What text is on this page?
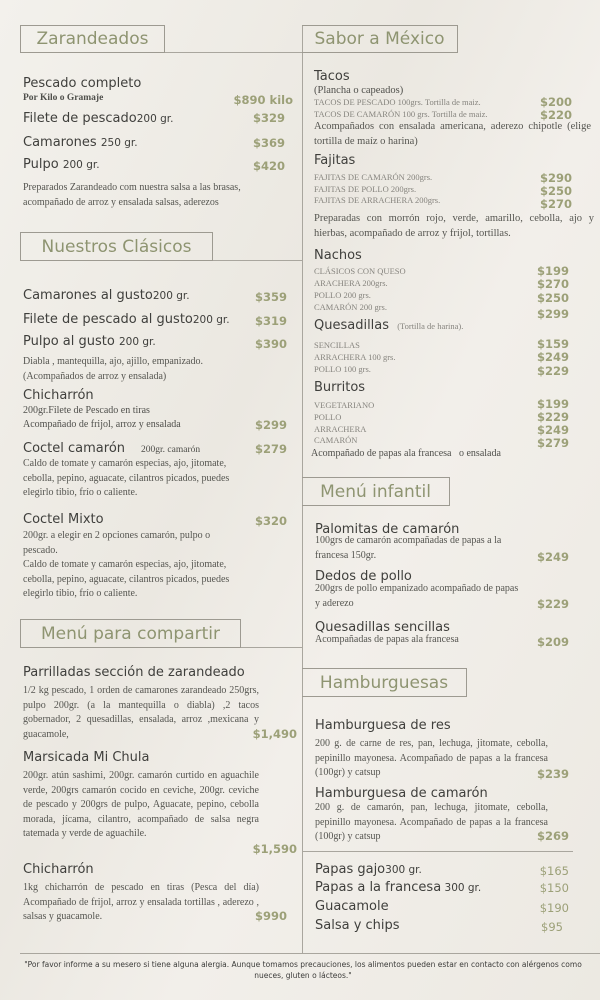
Zarandeados
Pescado completo
Por Kilo o Gramaje	$890 kilo
Filete de pescado200 gr.	$329
Camarones 250 gr.	$369
Pulpo 200 gr.	$420
Preparados Zarandeado com nuestra salsa a las brasas, acompañado de arroz y ensalada salsas, aderezos
Nuestros Clásicos
Camarones al gusto200 gr.	$359
Filete de pescado al gusto200 gr. $319
Pulpo al gusto 200 gr.	$390
Diabla , mantequilla, ajo, ajillo, empanizado. (Acompañados de arroz y ensalada)
Chicharrón
200gr.Filete de Pescado en tiras
Acompañado de frijol, arroz y ensalada	$299
Coctel camarón 200gr. camarón	$279
Caldo de tomate y camarón especias, ajo, jitomate, cebolla, pepino, aguacate, cilantros picados, puedes elegirlo tibio, frío o caliente.
Coctel Mixto	$320
200gr. a elegir en 2 opciones camarón, pulpo o pescado.
Caldo de tomate y camarón especias, ajo, jitomate, cebolla, pepino, aguacate, cilantros picados, puedes elegirlo tibio, frío o caliente.
Menú para compartir
Parrilladas sección de zarandeado
1/2 kg pescado, 1 orden de camarones zarandeado 250grs, pulpo 200gr. (a la mantequilla o diabla) ,2 tacos gobernador, 2 quesadillas, ensalada, arroz ,mexicana y guacamole,	$1,490
Marsicada Mi Chula
200gr. atún sashimi, 200gr. camarón curtido en aguachile verde, 200grs camarón cocido en ceviche, 200gr. ceviche de pescado y 200grs de pulpo, Aguacate, pepino, cebolla morada, jícama, cilantro, acompañado de salsa negra tatemada y verde de aguachile.
$1,590
Chicharrón
1kg chicharrón de pescado en tiras (Pesca del día) Acompañado de frijol, arroz y ensalada tortillas , aderezo , salsas y guacamole.	$990
Sabor a México
Tacos
(Plancha o capeados)
TACOS DE PESCADO 100grs. Tortilla de maiz.	$200
TACOS DE CAMARÓN 100 grs. Tortilla de maiz.	$220
Acompañados con ensalada americana, aderezo chipotle (elige tortilla de maíz o harina)
Fajitas
FAJITAS DE CAMARÓN 200grs.	$290
FAJITAS DE POLLO 200grs.	$250
FAJITAS DE ARRACHERA 200grs.	$270
Preparadas con morrón rojo, verde, amarillo, cebolla, ajo y hierbas, acompañado de arroz y frijol, tortillas.
Nachos
CLÁSICOS CON QUESO	$199
ARACHERA 200grs.	$270
POLLO 200 grs.	$250
CAMARÓN 200 grs.	$299
Quesadillas (Tortilla de harina).
SENCILLAS	$159
ARRACHERA 100 grs.	$249
POLLO 100 grs.	$229
Burritos
VEGETARIANO	$199
POLLO	$229
ARRACHERA	$249
CAMARÓN	$279
Acompañado de papas ala francesa   o ensalada
Menú infantil
Palomitas de camarón
100grs de camarón acompañadas de papas a la francesa 150gr.	$249
Dedos de pollo
200grs de pollo empanizado acompañado de papas y aderezo	$229
Quesadillas sencillas
Acompañadas de papas ala francesa	$209
Hamburguesas
Hamburguesa de res
200 g. de carne de res, pan, lechuga, jitomate, cebolla, pepinillo mayonesa. Acompañado de papas a la francesa (100gr) y catsup	$239
Hamburguesa de camarón
200 g. de camarón, pan, lechuga, jitomate, cebolla, pepinillo mayonesa. Acompañado de papas a la francesa (100gr) y catsup	$269
Papas gajo300 gr.	$165
Papas a la francesa 300 gr.	$150
Guacamole	$190
Salsa y chips	$95
"Por favor informe a su mesero si tiene alguna alergia. Aunque tomamos precauciones, los alimentos pueden estar en contacto con alérgenos como nueces, gluten o lácteos."
